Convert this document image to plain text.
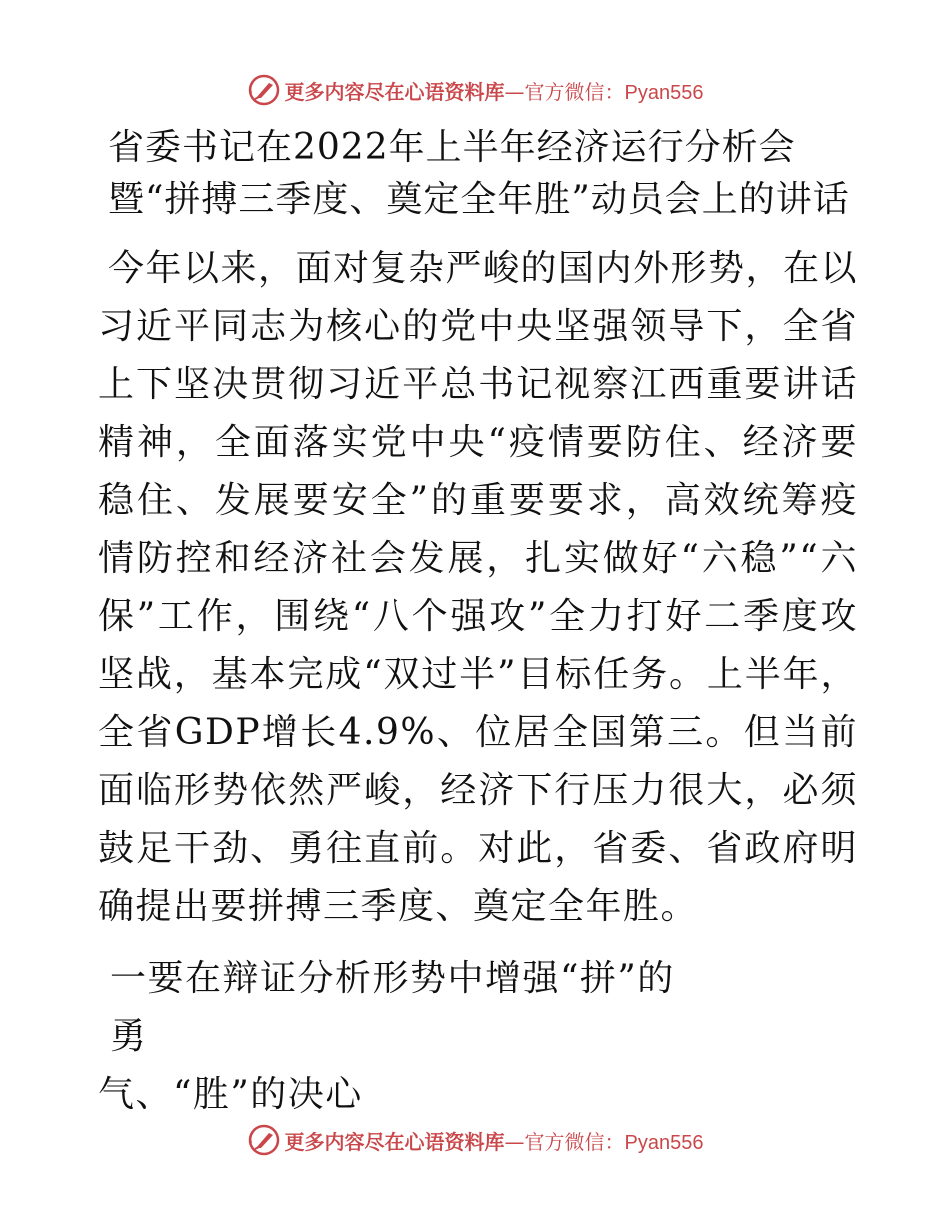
更多内容尽在心语资料库—官方微信：Pyan556
省委书记在2022年上半年经济运行分析会暨“拼搏三季度、奠定全年胜”动员会上的讲话

今年以来，面对复杂严峻的国内外形势，在以习近平同志为核心的党中央坚强领导下，全省上下坚决贯彻习近平总书记视察江西重要讲话精神，全面落实党中央“疫情要防住、经济要稳住、发展要安全”的重要要求，高效统筹疫情防控和经济社会发展，扎实做好“六稳”“六保”工作，围绕“八个强攻”全力打好二季度攻坚战，基本完成“双过半”目标任务。上半年，全省GDP增长4.9%、位居全国第三。但当前面临形势依然严峻，经济下行压力很大，必须鼓足干劲、勇往直前。对此，省委、省政府明确提出要拼搏三季度、奠定全年胜。

一要在辩证分析形势中增强“拼”的勇
气、“胜”的决心
更多内容尽在心语资料库—官方微信：Pyan556
